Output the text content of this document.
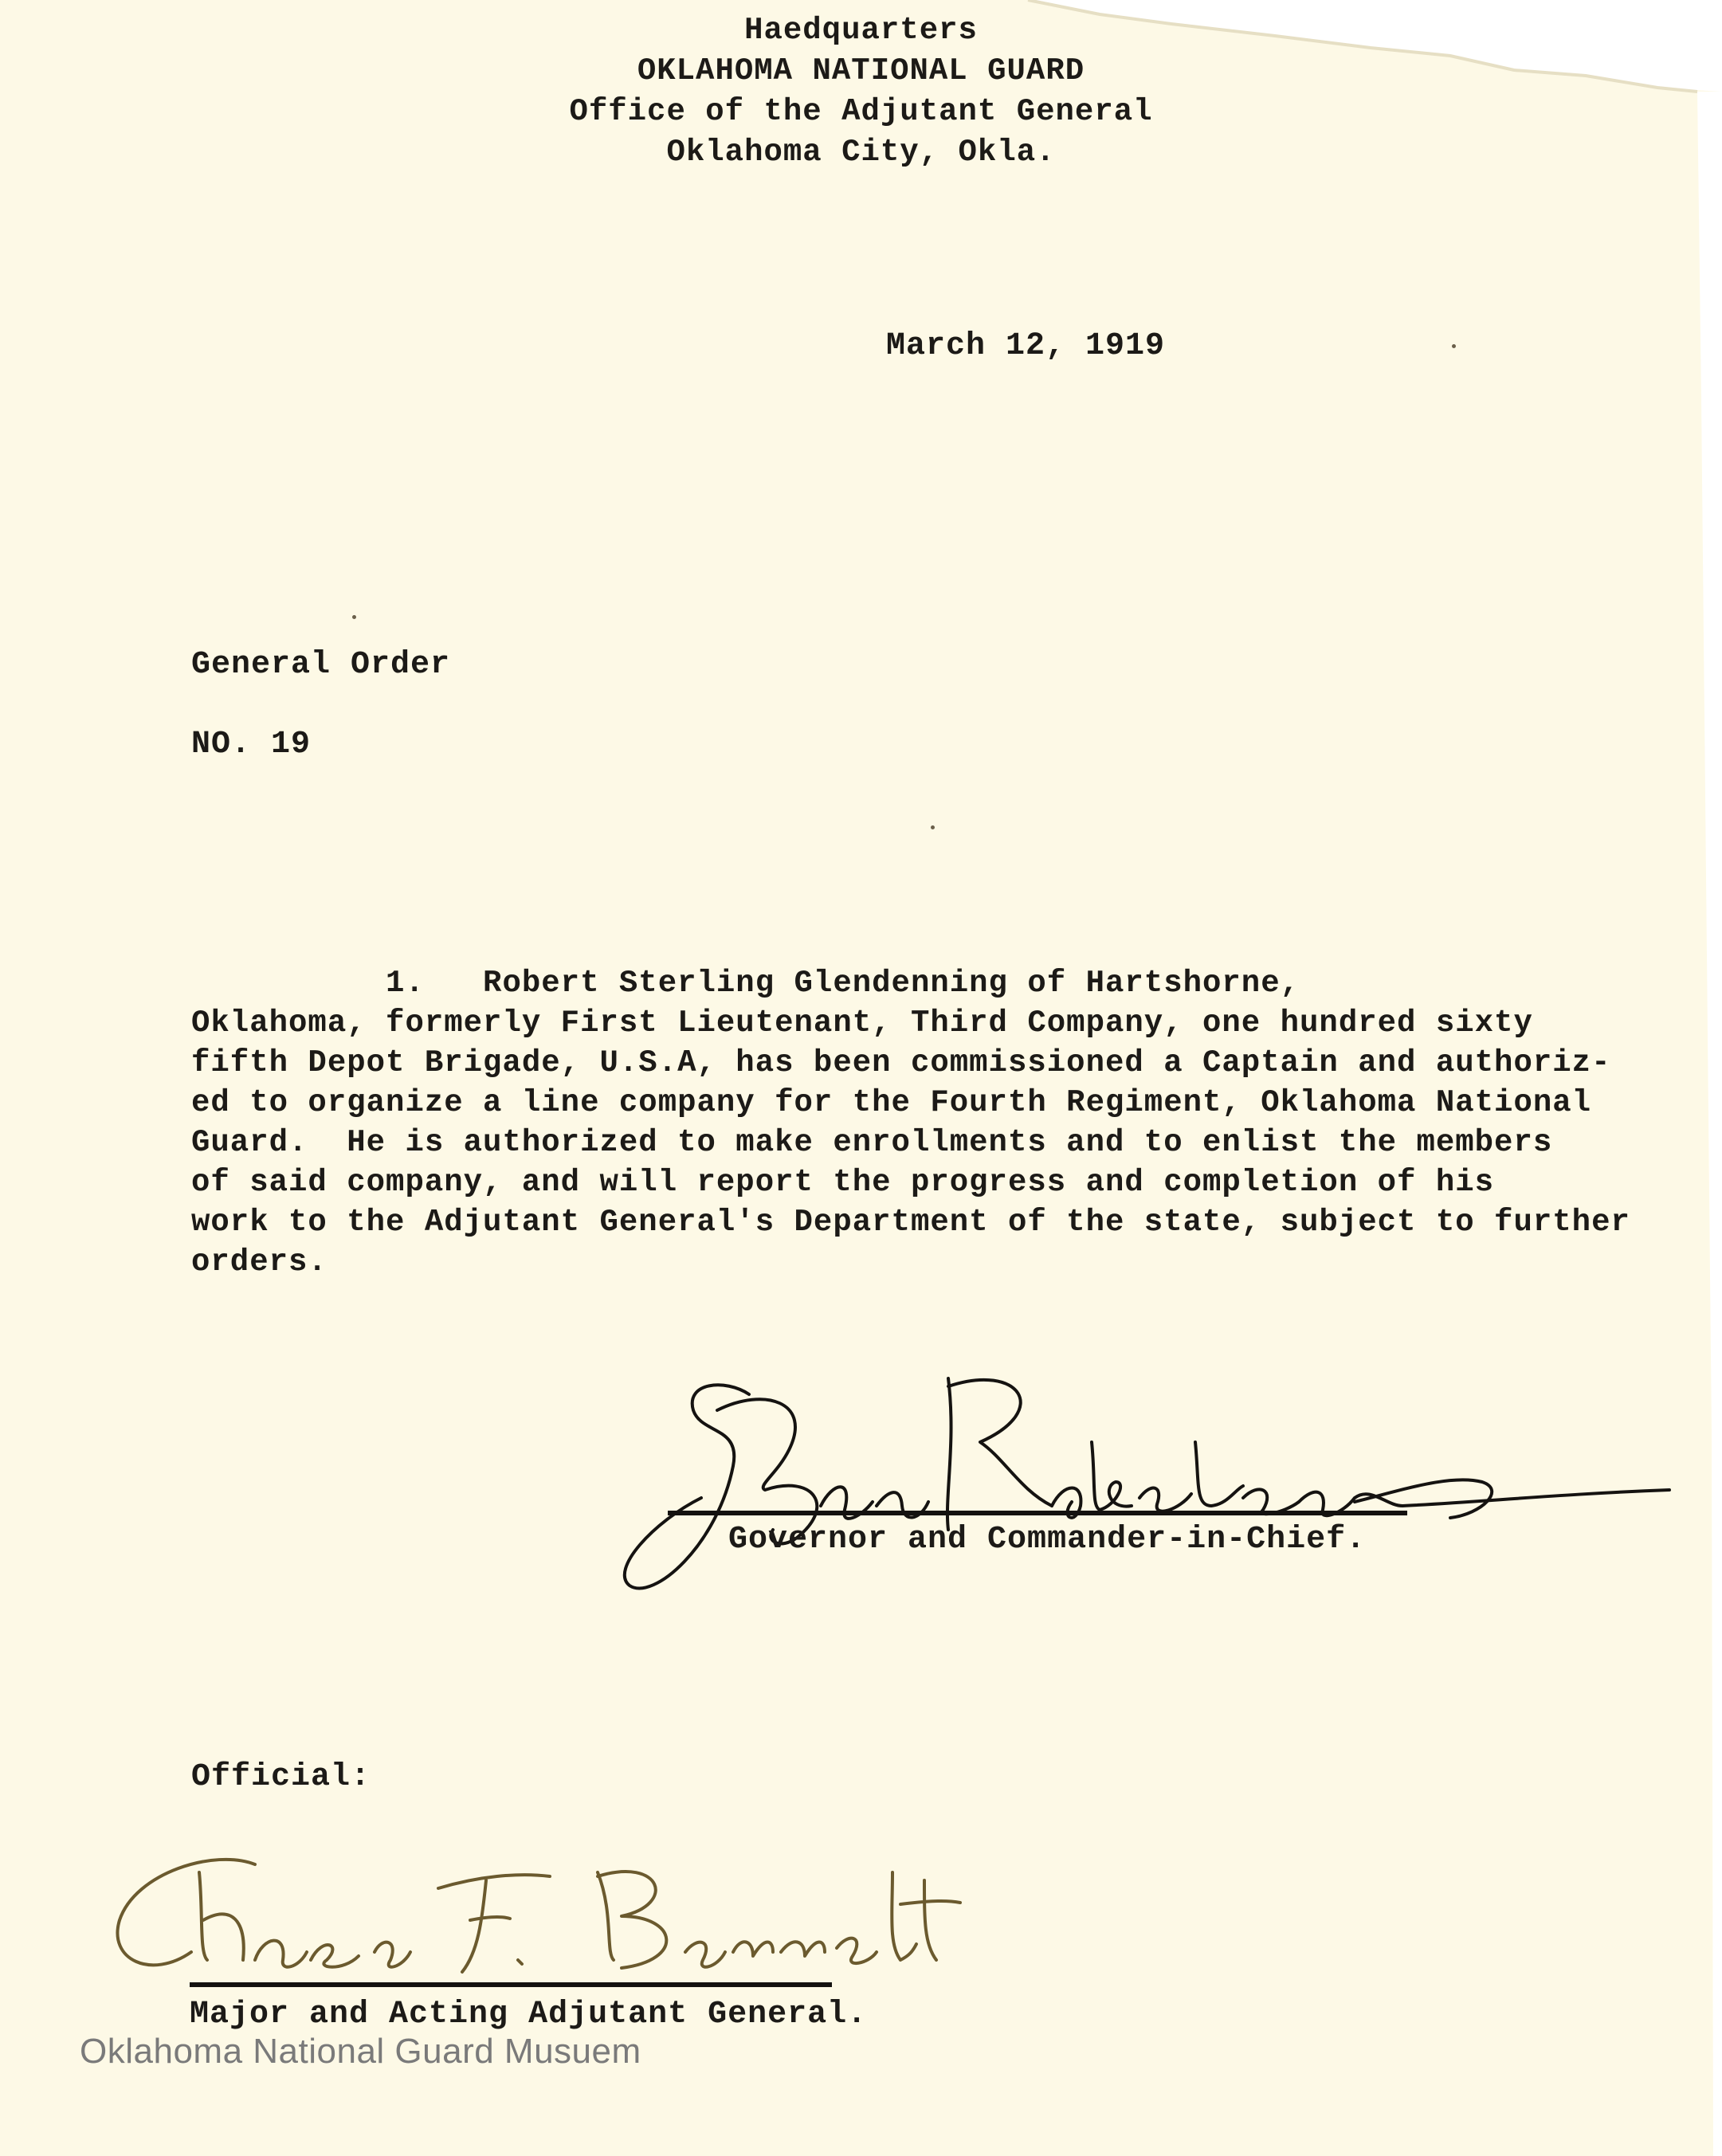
Haedquarters
OKLAHOMA NATIONAL GUARD
Office of the Adjutant General
Oklahoma City, Okla.
March 12, 1919
General Order
NO. 19
1.   Robert Sterling Glendenning of Hartshorne,
Oklahoma, formerly First Lieutenant, Third Company, one hundred sixty
fifth Depot Brigade, U.S.A, has been commissioned a Captain and authoriz-
ed to organize a line company for the Fourth Regiment, Oklahoma National
Guard.  He is authorized to make enrollments and to enlist the members
of said company, and will report the progress and completion of his
work to the Adjutant General's Department of the state, subject to further
orders.
Governor and Commander-in-Chief.
Official:
Major and Acting Adjutant General.
Oklahoma National Guard Musuem
